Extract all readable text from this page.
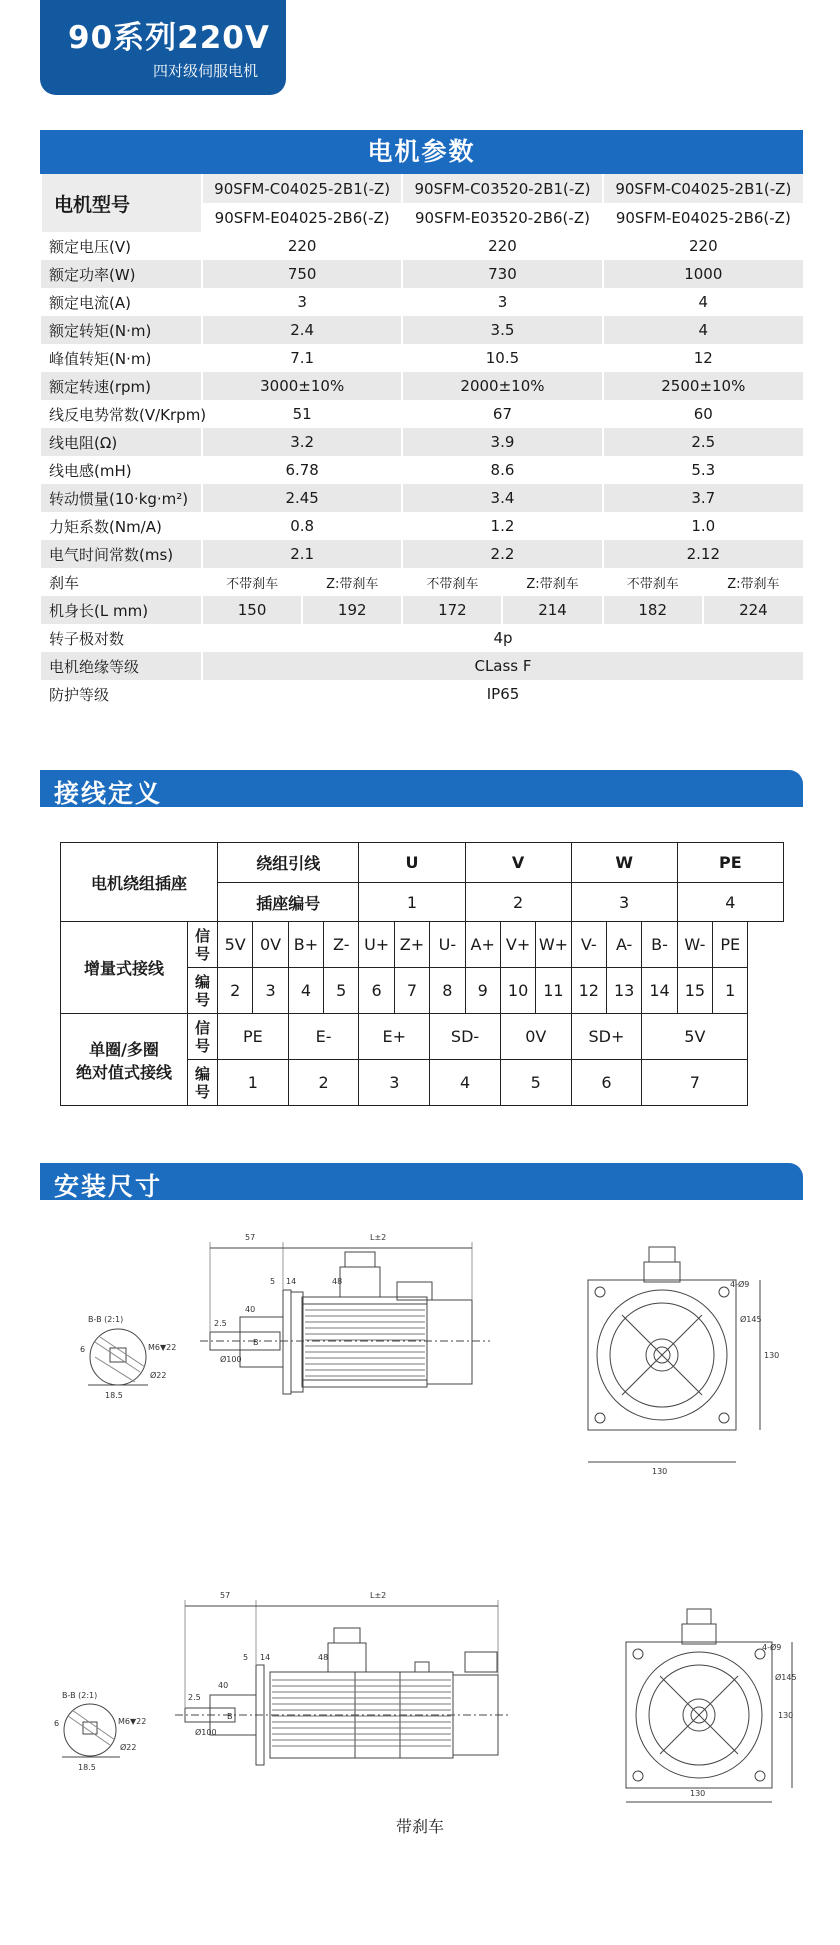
90系列220V
四对级伺服电机
电机参数
电机型号	90SFM-C04025-2B1(-Z)		90SFM-C03520-2B1(-Z)		90SFM-C04025-2B1(-Z)	
	90SFM-E04025-2B6(-Z)		90SFM-E03520-2B6(-Z)		90SFM-E04025-2B6(-Z)	
额定电压(V)	220		220		220	
额定功率(W)	750		730		1000	
额定电流(A)	3		3		4	
额定转矩(N·m)	2.4		3.5		4	
峰值转矩(N·m)	7.1		10.5		12	
额定转速(rpm)	3000±10%		2000±10%		2500±10%	
线反电势常数(V/Krpm)	51		67		60	
线电阻(Ω)	3.2		3.9		2.5	
线电感(mH)	6.78		8.6		5.3	
转动惯量(10·kg·m²)	2.45		3.4		3.7	
力矩系数(Nm/A)	0.8		1.2		1.0	
电气时间常数(ms)	2.1		2.2		2.12	
刹车	不带刹车	Z:带刹车	不带刹车	Z:带刹车	不带刹车	Z:带刹车
机身长(L mm)	150	192	172	214	182	224
转子极对数	4p					
电机绝缘等级	CLass F					
防护等级	IP65					
接线定义
电机绕组插座		绕组引线				U			V			W			PE	
		插座编号				1			2			3			4	
增量式接线	信号	5V	0V	B+	Z-	U+	Z+	U-	A+	V+	W+	V-	A-	B-	W-	PE
	编号	2	3	4	5	6	7	8	9	10	11	12	13	14	15	1

单圈/多圈
绝对值式接线	信号	PE		E-		E+		SD-		0V		SD+		5V		
	编号	1		2		3		4		5		6		7		
安装尺寸
57	L±2
40
5 14	48
2.5
B-B (2:1)
M6▼22
6
18.5
Ø22
Ø100
Ø145
4-Ø9
130
130
B
57	L±2
40
5 14	48
2.5
B-B (2:1)
M6▼22
6
18.5
Ø22
Ø100
Ø145
4-Ø9
130
130
B
带刹车
